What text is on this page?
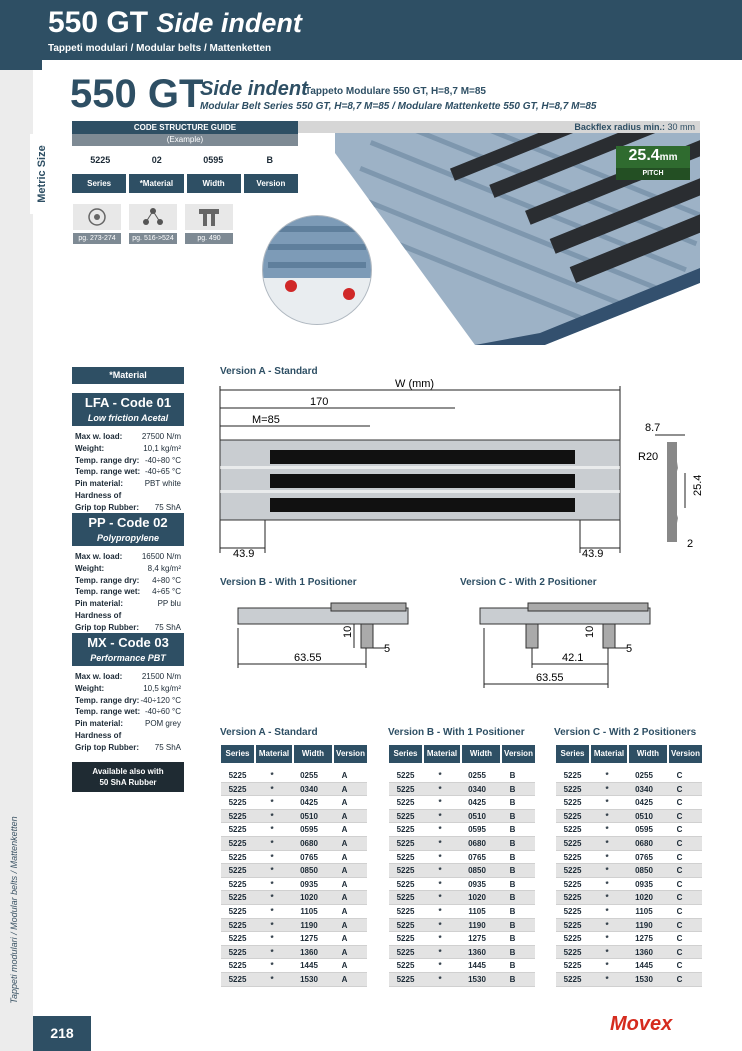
550 GT Side indent
Tappeti modulari / Modular belts / Mattenketten
Metric Size
Tappeti modulari / Modular belts / Mattenketten
550 GT
Side indent
Tappeto Modulare 550 GT, H=8,7 M=85
Modular Belt Series 550 GT, H=8,7 M=85 / Modulare Mattenkette 550 GT, H=8,7 M=85
CODE STRUCTURE GUIDE
(Example)
5225	02	0595	B
Series	*Material	Width	Version
Backflex radius min.: 30 mm
25.4mm
PITCH
pg. 273-274	pg. 516->524	pg. 490
*Material
LFA - Code 01
Low friction Acetal
Max w. load: 27500 N/m
Weight:	10,1 kg/m²
Temp. range dry: -40÷80 °C
Temp. range wet: -40÷65 °C
Pin material:	PBT white
Hardness of
Grip top Rubber: 75 ShA
PP - Code 02
Polypropylene
Max w. load: 16500 N/m
Weight:	8,4 kg/m²
Temp. range dry: 4÷80 °C
Temp. range wet: 4÷65 °C
Pin material:	PP blu
Hardness of
Grip top Rubber: 75 ShA
MX - Code 03
Performance PBT
Max w. load: 21500 N/m
Weight:	10,5 kg/m²
Temp. range dry: -40÷120 °C
Temp. range wet: -40÷60 °C
Pin material:	POM grey
Hardness of
Grip top Rubber: 75 ShA
Available also with
50 ShA Rubber
Version A - Standard
W (mm)
170
M=85
8.7
R20
25.4
2
43.9	43.9
Version B - With 1 Positioner
10
5
63.55
Version C - With 2 Positioner
10
5
42.1
63.55
Version A - Standard	Version B - With 1 Positioner	Version C - With 2 Positioners
Series	Material	Width	Version
5225	*	0255	A
5225	*	0340	A
5225	*	0425	A
5225	*	0510	A
5225	*	0595	A
5225	*	0680	A
5225	*	0765	A
5225	*	0850	A
5225	*	0935	A
5225	*	1020	A
5225	*	1105	A
5225	*	1190	A
5225	*	1275	A
5225	*	1360	A
5225	*	1445	A
5225	*	1530	A
Series	Material	Width	Version
5225	*	0255	B
5225	*	0340	B
5225	*	0425	B
5225	*	0510	B
5225	*	0595	B
5225	*	0680	B
5225	*	0765	B
5225	*	0850	B
5225	*	0935	B
5225	*	1020	B
5225	*	1105	B
5225	*	1190	B
5225	*	1275	B
5225	*	1360	B
5225	*	1445	B
5225	*	1530	B
Series	Material	Width	Version
5225	*	0255	C
5225	*	0340	C
5225	*	0425	C
5225	*	0510	C
5225	*	0595	C
5225	*	0680	C
5225	*	0765	C
5225	*	0850	C
5225	*	0935	C
5225	*	1020	C
5225	*	1105	C
5225	*	1190	C
5225	*	1275	C
5225	*	1360	C
5225	*	1445	C
5225	*	1530	C
218	Movex
